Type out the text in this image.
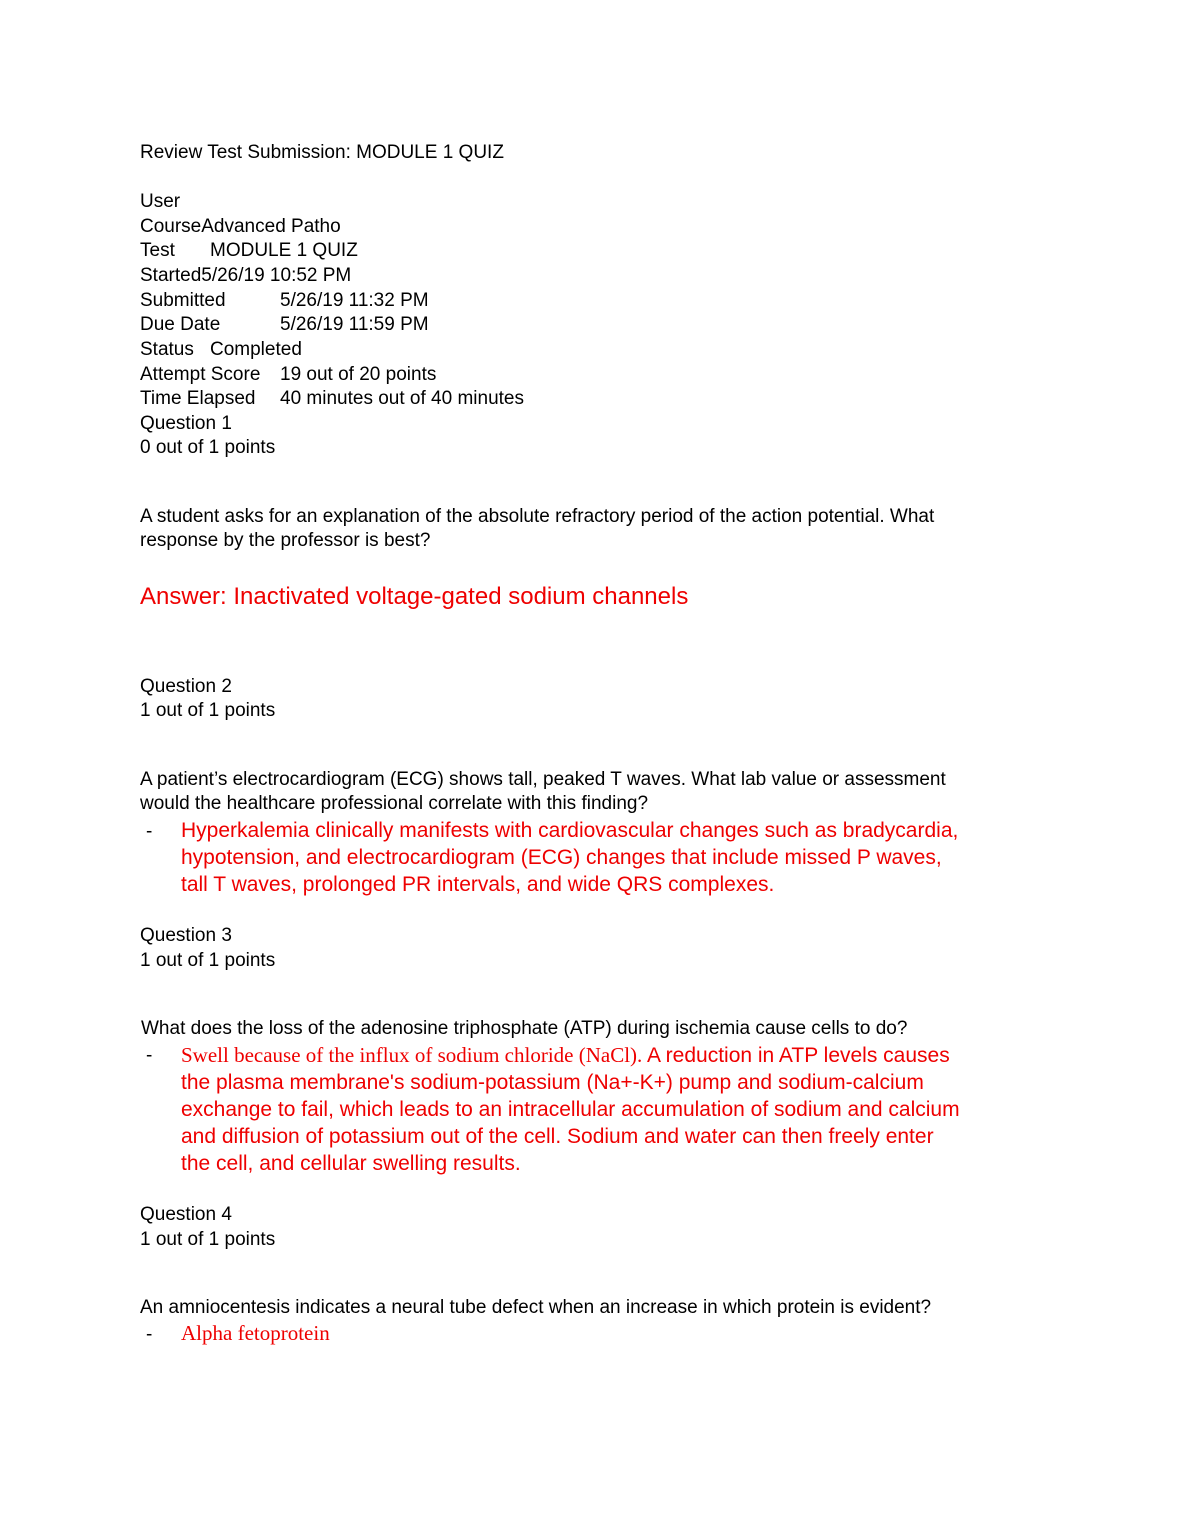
Review Test Submission: MODULE 1 QUIZ
User
CourseAdvanced Patho
Test MODULE 1 QUIZ
Started5/26/19 10:52 PM
Submitted	5/26/19 11:32 PM
Due Date	5/26/19 11:59 PM
Status Completed
Attempt Score 19 out of 20 points
Time Elapsed 40 minutes out of 40 minutes
Question 1
0 out of 1 points
A student asks for an explanation of the absolute refractory period of the action potential. What
response by the professor is best?
Answer: Inactivated voltage-gated sodium channels
Question 2
1 out of 1 points
A patient’s electrocardiogram (ECG) shows tall, peaked T waves. What lab value or assessment
would the healthcare professional correlate with this finding?
- Hyperkalemia clinically manifests with cardiovascular changes such as bradycardia,
hypotension, and electrocardiogram (ECG) changes that include missed P waves,
tall T waves, prolonged PR intervals, and wide QRS complexes.
Question 3
1 out of 1 points
What does the loss of the adenosine triphosphate (ATP) during ischemia cause cells to do?
- Swell because of the influx of sodium chloride (NaCl). A reduction in ATP levels causes
the plasma membrane's sodium-potassium (Na+-K+) pump and sodium-calcium
exchange to fail, which leads to an intracellular accumulation of sodium and calcium
and diffusion of potassium out of the cell. Sodium and water can then freely enter
the cell, and cellular swelling results.
Question 4
1 out of 1 points
An amniocentesis indicates a neural tube defect when an increase in which protein is evident?
- Alpha fetoprotein
